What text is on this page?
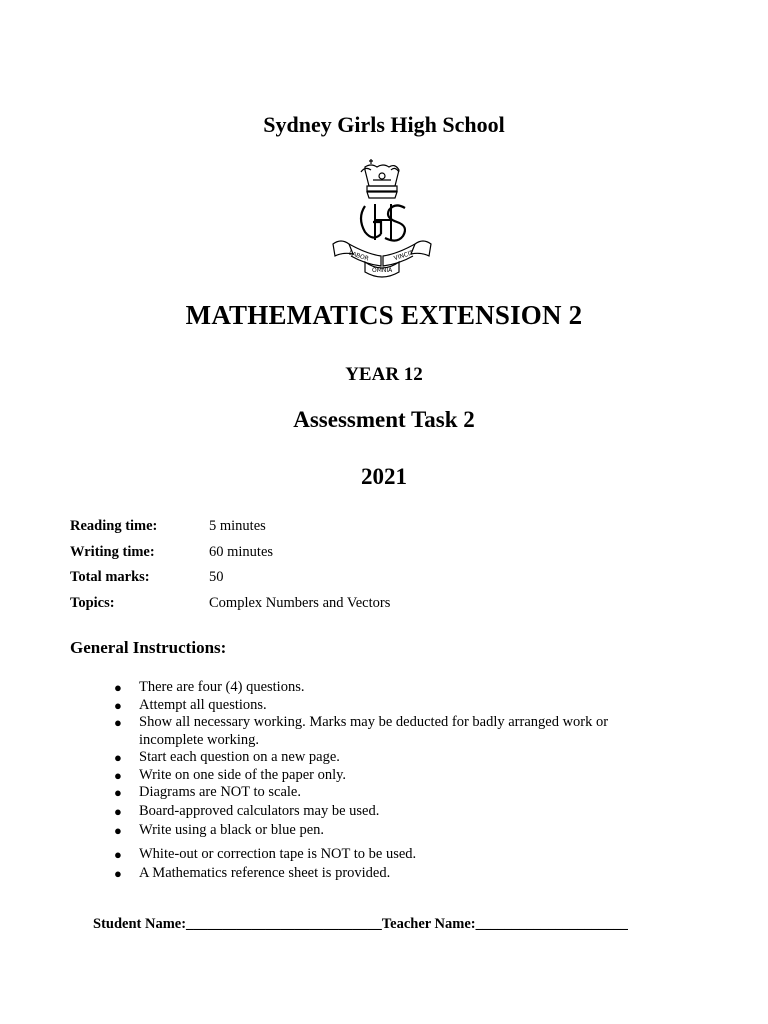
Sydney Girls High School
LABOR
OMNIA
VINCIT
MATHEMATICS EXTENSION 2
YEAR 12
Assessment Task 2
2021
Reading time:	5 minutes
Writing time:	60 minutes
Total marks:	50
Topics:	Complex Numbers and Vectors
General Instructions:
● There are four (4) questions.
● Attempt all questions.
● Show all necessary working. Marks may be deducted for badly arranged work or incomplete working.
● Start each question on a new page.
● Write on one side of the paper only.
● Diagrams are NOT to scale.
● Board-approved calculators may be used.
● Write using a black or blue pen.
● White-out or correction tape is NOT to be used.
● A Mathematics reference sheet is provided.
Student Name:___________________________Teacher Name:_____________________
